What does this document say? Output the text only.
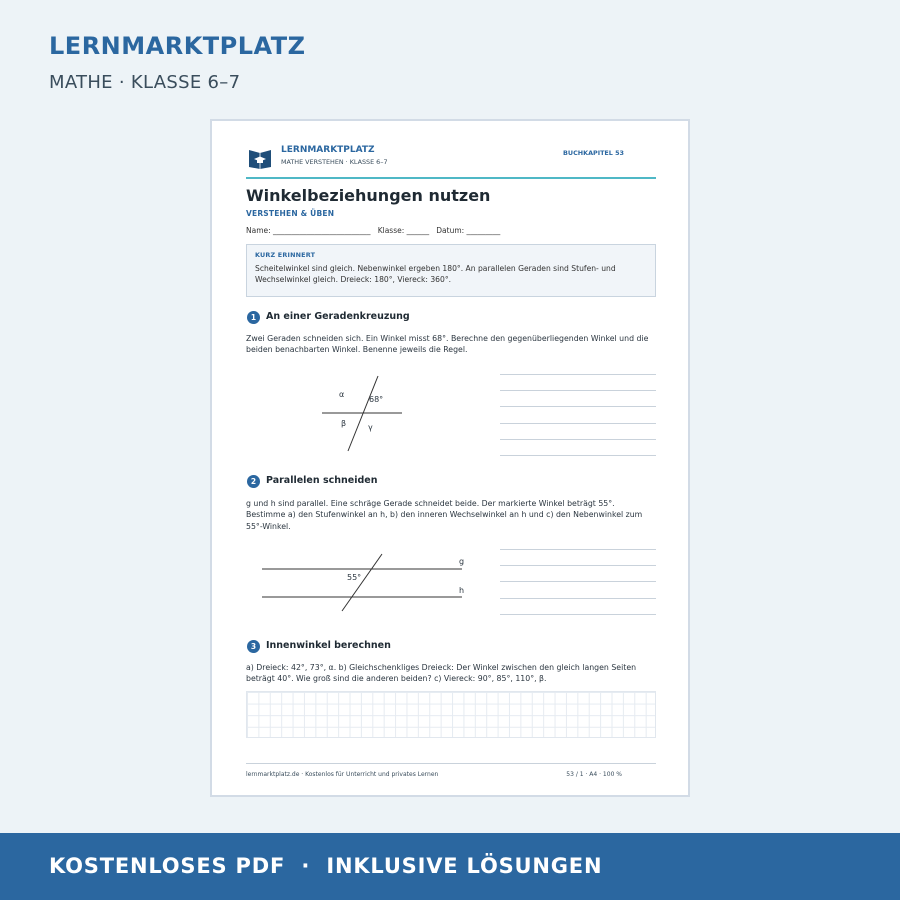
LERNMARKTPLATZ
MATHE · KLASSE 6–7
LERNMARKTPLATZ
MATHE VERSTEHEN · KLASSE 6–7
BUCHKAPITEL 53
Winkelbeziehungen nutzen
VERSTEHEN & ÜBEN
Name: __________________________   Klasse: ______   Datum: _________
KURZ ERINNERT
Scheitelwinkel sind gleich. Nebenwinkel ergeben 180°. An parallelen Geraden sind Stufen- und Wechselwinkel gleich. Dreieck: 180°, Viereck: 360°.
1	An einer Geradenkreuzung
Zwei Geraden schneiden sich. Ein Winkel misst 68°. Berechne den gegenüberliegenden Winkel und die beiden benachbarten Winkel. Benenne jeweils die Regel.
α
68°
β	γ
2	Parallelen schneiden
g und h sind parallel. Eine schräge Gerade schneidet beide. Der markierte Winkel beträgt 55°. Bestimme a) den Stufenwinkel an h, b) den inneren Wechselwinkel an h und c) den Nebenwinkel zum 55°-Winkel.
55°
g
h
3	Innenwinkel berechnen
a) Dreieck: 42°, 73°, α. b) Gleichschenkliges Dreieck: Der Winkel zwischen den gleich langen Seiten beträgt 40°. Wie groß sind die anderen beiden? c) Viereck: 90°, 85°, 110°, β.
lernmarktplatz.de · Kostenlos für Unterricht und privates Lernen	53 / 1 · A4 · 100 %
KOSTENLOSES PDF  ·  INKLUSIVE LÖSUNGEN
